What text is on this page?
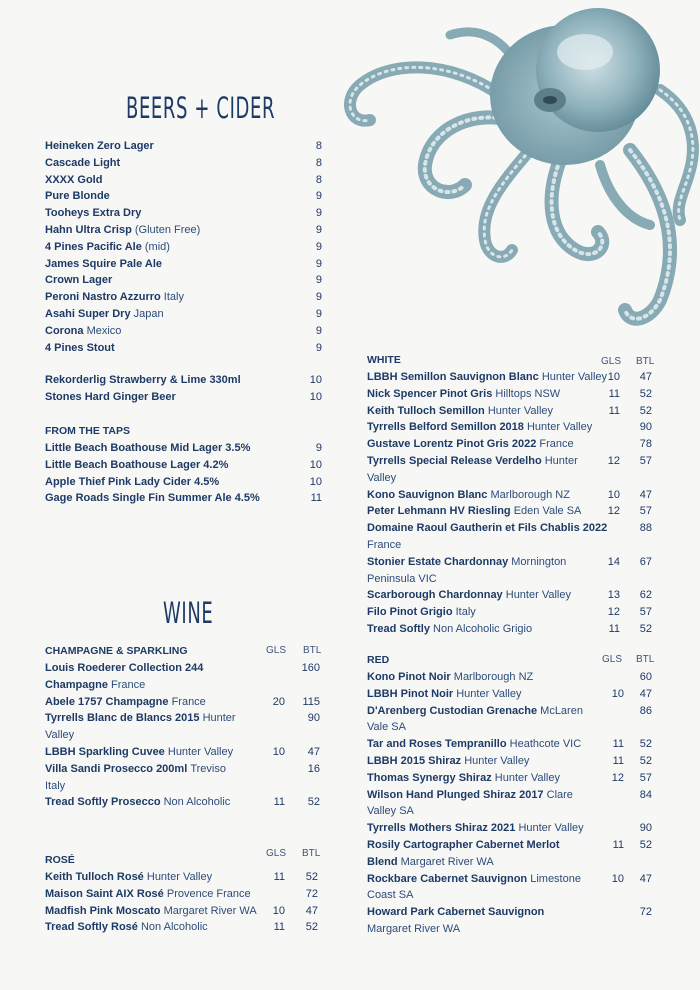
BEERS + CIDER
Heineken Zero Lager	8
Cascade Light	8
XXXX Gold	8
Pure Blonde	9
Tooheys Extra Dry	9
Hahn Ultra Crisp (Gluten Free)	9
4 Pines Pacific Ale (mid)	9
James Squire Pale Ale	9
Crown Lager	9
Peroni Nastro Azzurro Italy	9
Asahi Super Dry Japan	9
Corona Mexico	9
4 Pines Stout	9
Rekorderlig Strawberry & Lime 330ml	10
Stones Hard Ginger Beer	10
FROM THE TAPS
Little Beach Boathouse Mid Lager 3.5%	9
Little Beach Boathouse Lager 4.2%	10
Apple Thief Pink Lady Cider 4.5%	10
Gage Roads Single Fin Summer Ale 4.5%	11
WINE
CHAMPAGNE & SPARKLING	GLS BTL
Louis Roederer Collection 244 Champagne France
160
Abele 1757 Champagne France	20 115
Tyrrells Blanc de Blancs 2015 Hunter Valley
90
LBBH Sparkling Cuvee Hunter Valley	10 47
Villa Sandi Prosecco 200ml Treviso Italy
16
Tread Softly Prosecco Non Alcoholic	11 52
GLS BTL
ROSÉ
Keith Tulloch Rosé Hunter Valley	11 52
Maison Saint AIX Rosé Provence France	72
Madfish Pink Moscato Margaret River WA	10 47
Tread Softly Rosé Non Alcoholic	11 52
WHITE	GLS BTL
LBBH Semillon Sauvignon Blanc Hunter Valley 10 47
Nick Spencer Pinot Gris Hilltops NSW	11 52
Keith Tulloch Semillon Hunter Valley	11 52
Tyrrells Belford Semillon 2018 Hunter Valley	90
Gustave Lorentz Pinot Gris 2022 France	78
Tyrrells Special Release Verdelho Hunter Valley
12 57
Kono Sauvignon Blanc Marlborough NZ	10 47
Peter Lehmann HV Riesling Eden Vale SA	12 57
Domaine Raoul Gautherin et Fils Chablis 2022 France
88
Stonier Estate Chardonnay Mornington Peninsula VIC
14 67
Scarborough Chardonnay Hunter Valley	13 62
Filo Pinot Grigio Italy	12 57
Tread Softly Non Alcoholic Grigio	11 52
RED	GLS BTL
Kono Pinot Noir Marlborough NZ	60
LBBH Pinot Noir Hunter Valley	10 47
D'Arenberg Custodian Grenache McLaren Vale SA
86
Tar and Roses Tempranillo Heathcote VIC	11 52
LBBH 2015 Shiraz Hunter Valley	11 52
Thomas Synergy Shiraz Hunter Valley	12 57
Wilson Hand Plunged Shiraz 2017 Clare Valley SA
84
Tyrrells Mothers Shiraz 2021 Hunter Valley	90
Rosily Cartographer Cabernet Merlot Blend Margaret River WA
11 52
Rockbare Cabernet Sauvignon Limestone Coast SA
10 47
Howard Park Cabernet Sauvignon Margaret River WA
72
